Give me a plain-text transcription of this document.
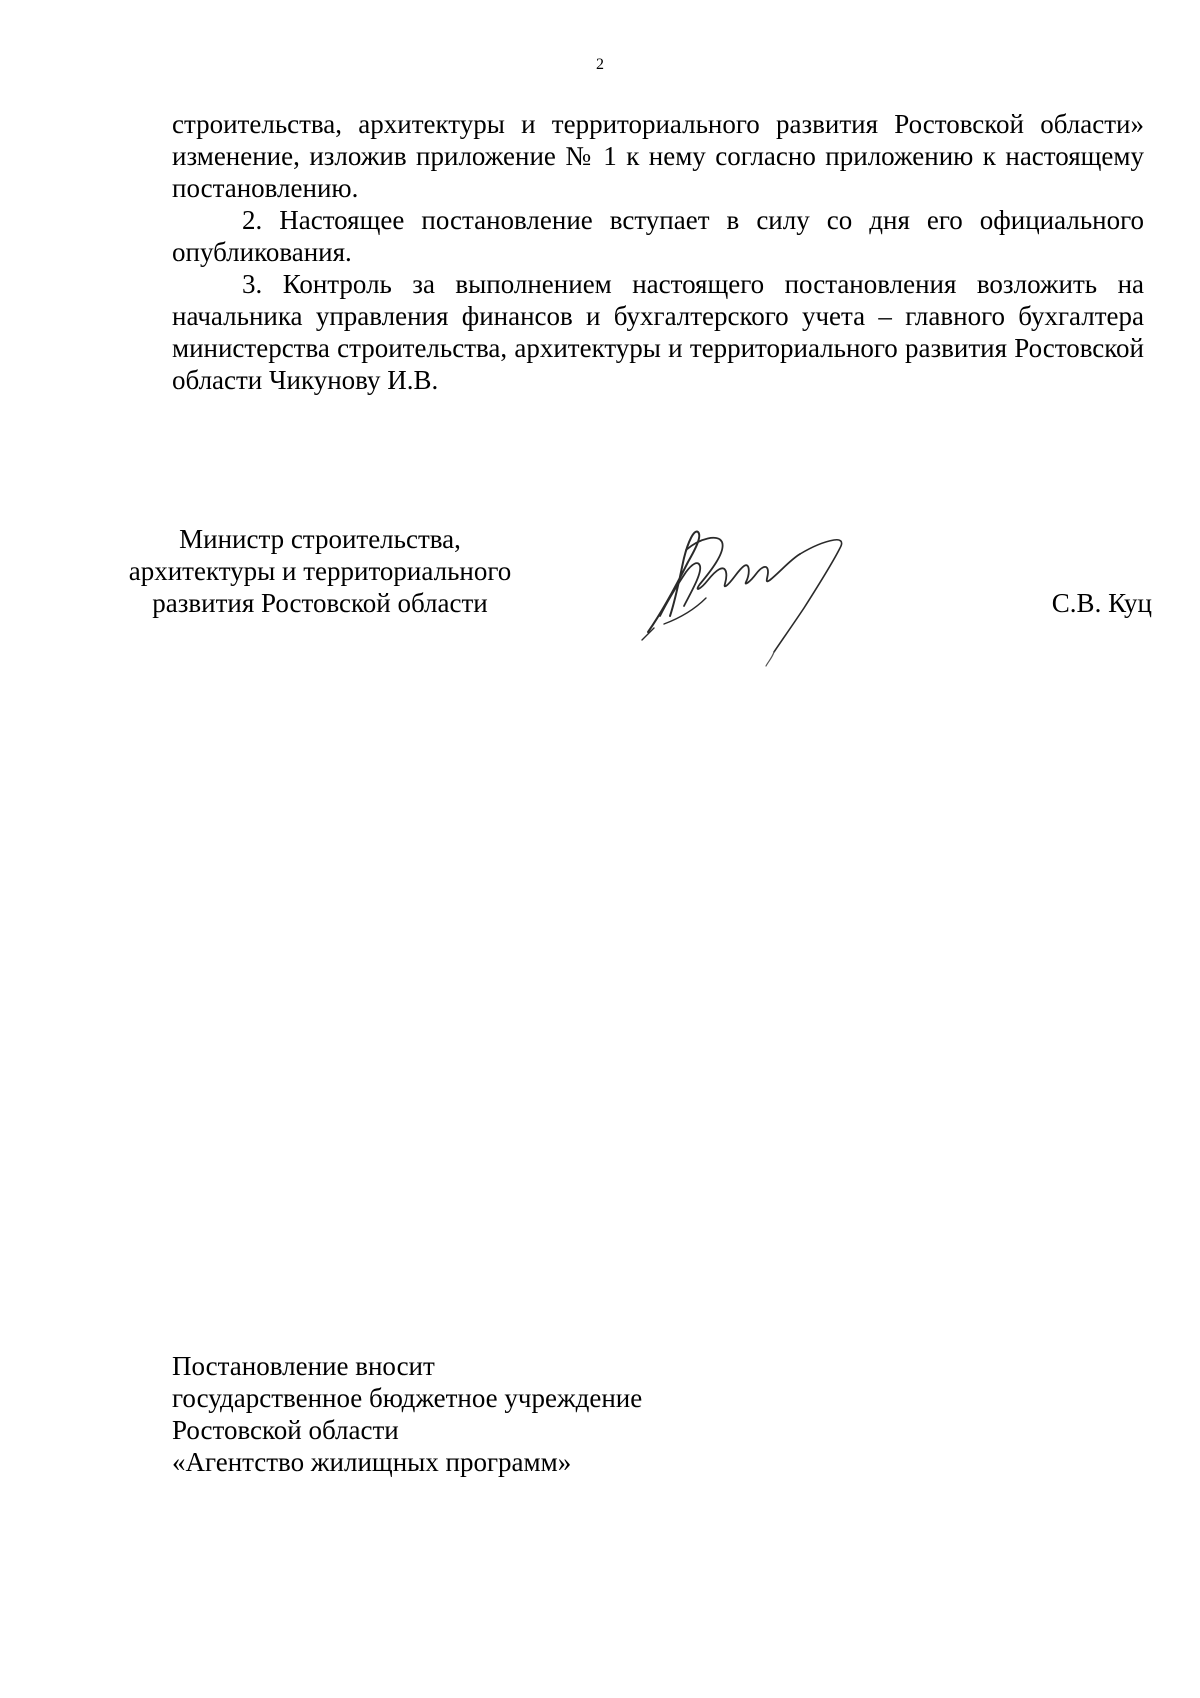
2

строительства, архитектуры и территориального развития Ростовской области» изменение, изложив приложение № 1 к нему согласно приложению к настоящему постановлению.

2. Настоящее постановление вступает в силу со дня его официального опубликования.

3. Контроль за выполнением настоящего постановления возложить на начальника управления финансов и бухгалтерского учета – главного бухгалтера министерства строительства, архитектуры и территориального развития Ростовской области Чикунову И.В.

Министр строительства,
архитектуры и территориального
развития Ростовской области	С.В. Куц
Постановление вносит
государственное бюджетное учреждение
Ростовской области
«Агентство жилищных программ»
